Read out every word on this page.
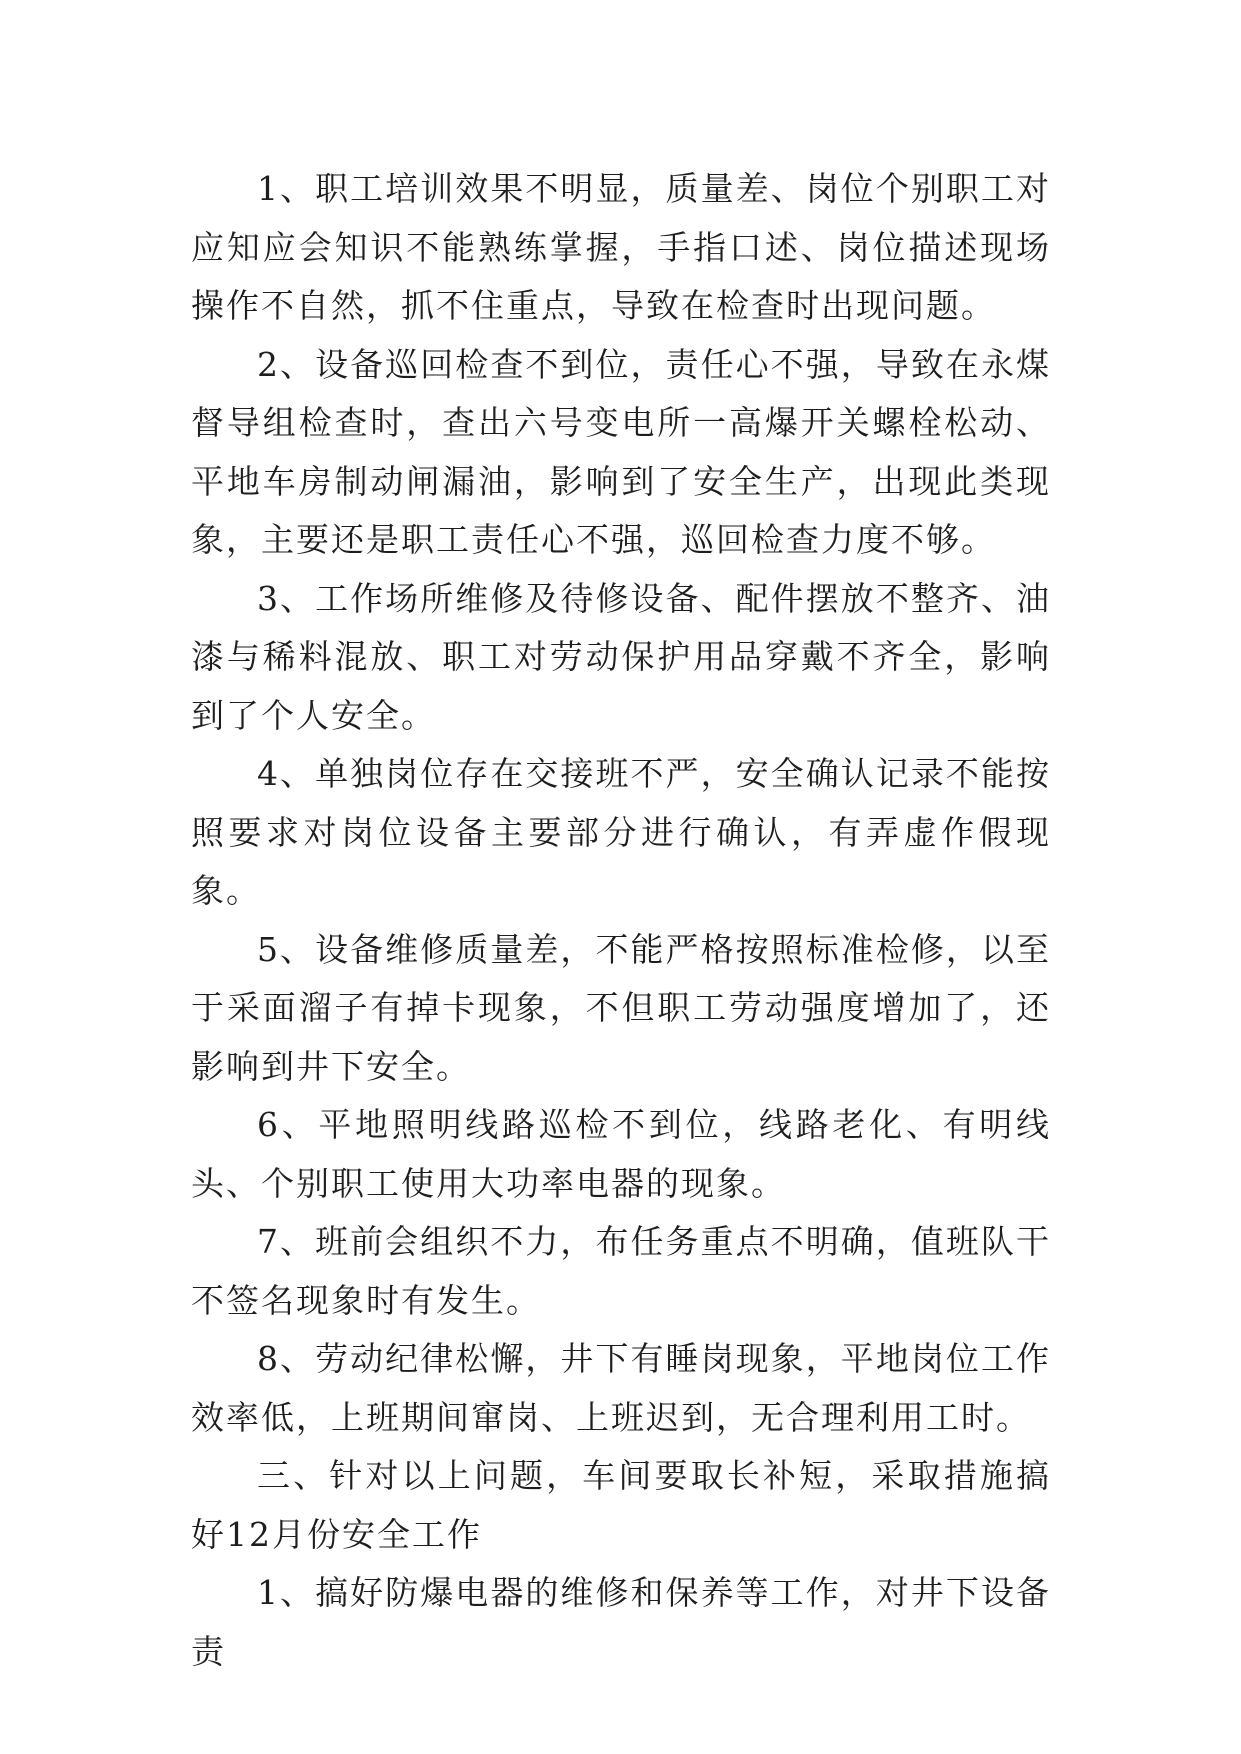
1、职工培训效果不明显，质量差、岗位个别职工对应知应会知识不能熟练掌握，手指口述、岗位描述现场操作不自然，抓不住重点，导致在检查时出现问题。

2、设备巡回检查不到位，责任心不强，导致在永煤督导组检查时，查出六号变电所一高爆开关螺栓松动、平地车房制动闸漏油，影响到了安全生产，出现此类现象，主要还是职工责任心不强，巡回检查力度不够。

3、工作场所维修及待修设备、配件摆放不整齐、油漆与稀料混放、职工对劳动保护用品穿戴不齐全，影响到了个人安全。

4、单独岗位存在交接班不严，安全确认记录不能按照要求对岗位设备主要部分进行确认，有弄虚作假现象。

5、设备维修质量差，不能严格按照标准检修，以至于采面溜子有掉卡现象，不但职工劳动强度增加了，还影响到井下安全。

6、平地照明线路巡检不到位，线路老化、有明线头、个别职工使用大功率电器的现象。

7、班前会组织不力，布任务重点不明确，值班队干不签名现象时有发生。

8、劳动纪律松懈，井下有睡岗现象，平地岗位工作效率低，上班期间窜岗、上班迟到，无合理利用工时。

三、针对以上问题，车间要取长补短，采取措施搞好12月份安全工作

1、搞好防爆电器的维修和保养等工作，对井下设备责
